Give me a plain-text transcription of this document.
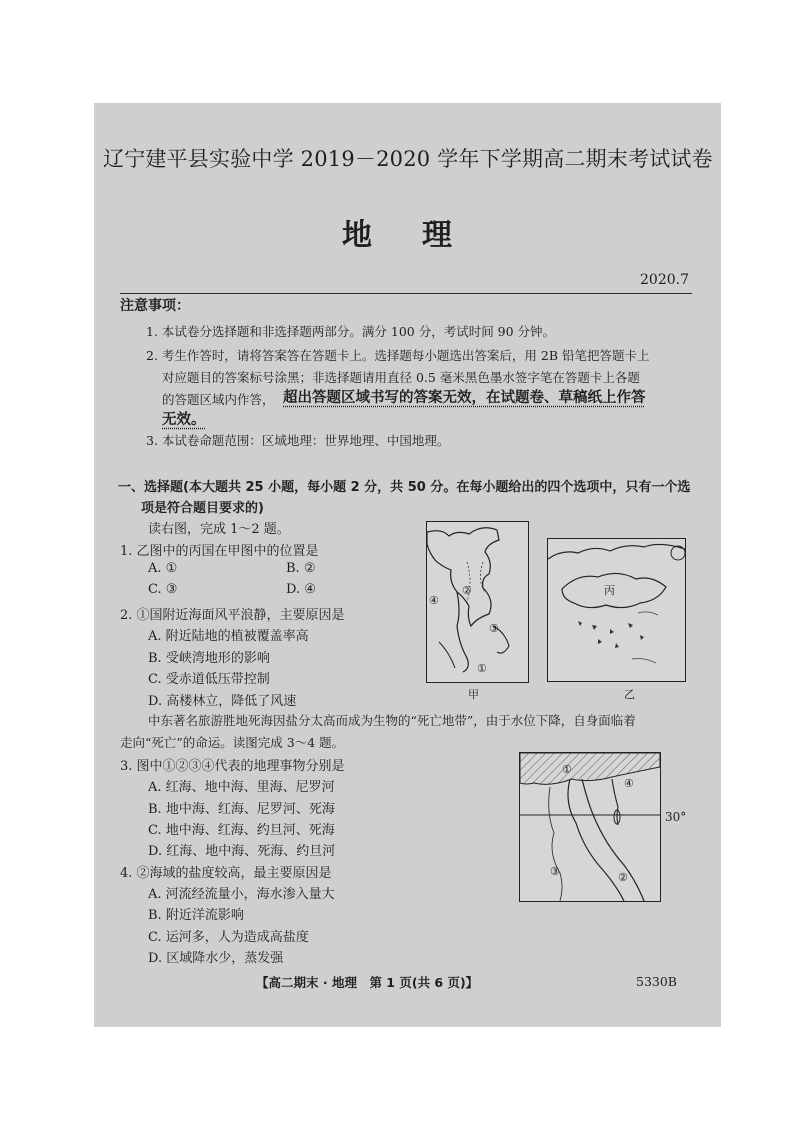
辽宁建平县实验中学 2019－2020 学年下学期高二期末考试试卷
地理
2020.7
注意事项：
1. 本试卷分选择题和非选择题两部分。满分 100 分，考试时间 90 分钟。
2. 考生作答时，请将答案答在答题卡上。选择题每小题选出答案后，用 2B 铅笔把答题卡上
对应题目的答案标号涂黑；非选择题请用直径 0.5 毫米黑色墨水签字笔在答题卡上各题
的答题区域内作答， 超出答题区域书写的答案无效，在试题卷、草稿纸上作答
无效。
3. 本试卷命题范围：区域地理：世界地理、中国地理。
一、选择题(本大题共 25 小题，每小题 2 分，共 50 分。在每小题给出的四个选项中，只有一个选
项是符合题目要求的)
读右图，完成 1～2 题。
1. 乙图中的丙国在甲图中的位置是
A. ①	B. ②
C. ③	D. ④
2. ①国附近海面风平浪静，主要原因是
A. 附近陆地的植被覆盖率高
B. 受峡湾地形的影响
C. 受赤道低压带控制
D. 高楼林立，降低了风速
中东著名旅游胜地死海因盐分太高而成为生物的“死亡地带”，由于水位下降，自身面临着
走向“死亡”的命运。读图完成 3～4 题。
3. 图中①②③④代表的地理事物分别是
A. 红海、地中海、里海、尼罗河
B. 地中海、红海、尼罗河、死海
C. 地中海、红海、约旦河、死海
D. 红海、地中海、死海、约旦河
4. ②海域的盐度较高，最主要原因是
A. 河流经流量小，海水渗入量大
B. 附近洋流影响
C. 运河多，人为造成高盐度
D. 区域降水少，蒸发强
④
②
③
①
甲
丙
乙
①
④
③	②
30°
【高二期末 · 地理　第 1 页(共 6 页)】	5330B
